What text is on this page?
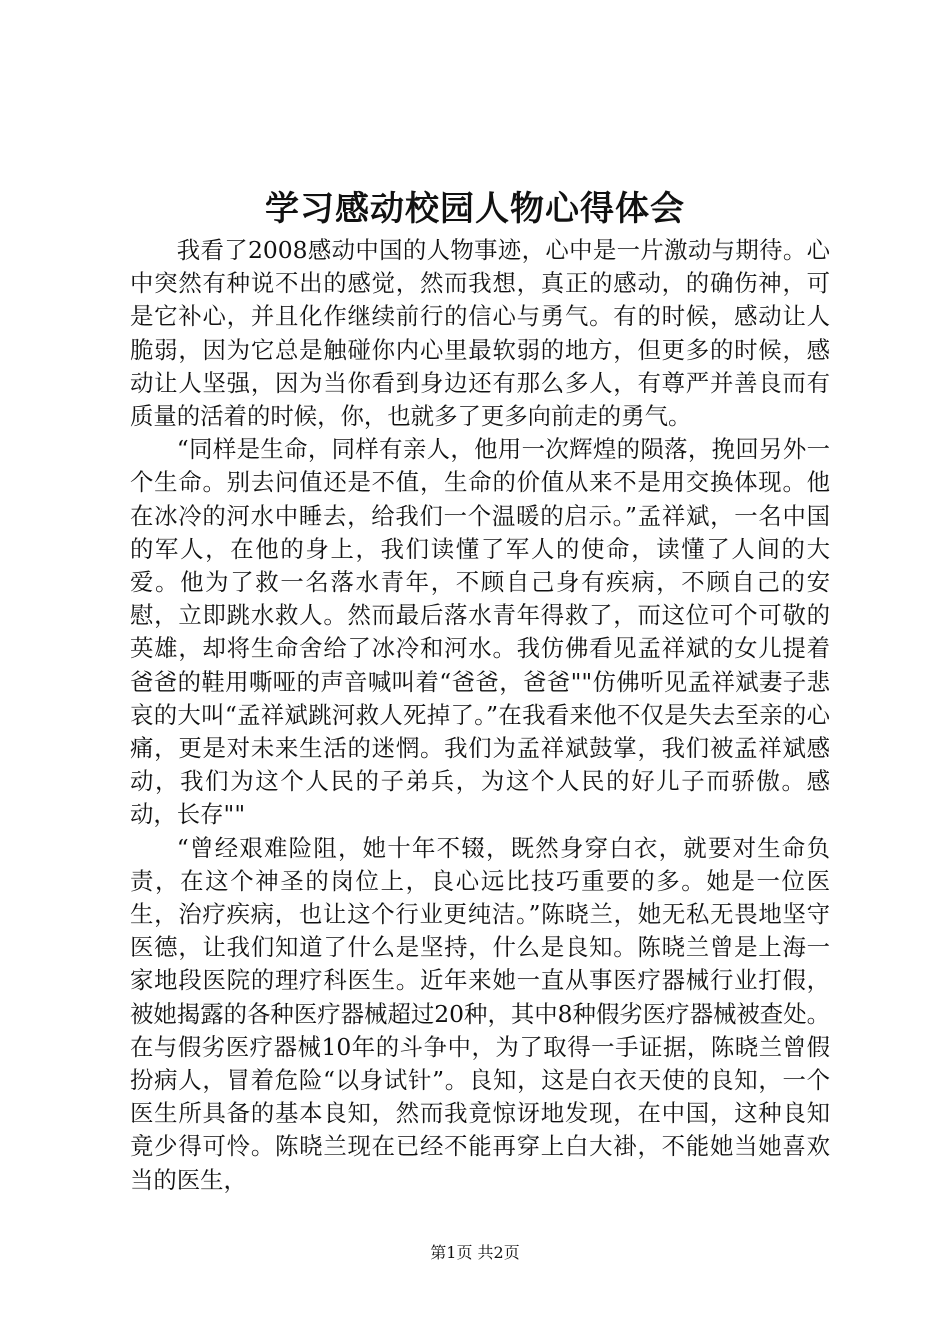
学习感动校园人物心得体会

我看了2008感动中国的人物事迹，心中是一片激动与期待。心中突然有种说不出的感觉，然而我想，真正的感动，的确伤神，可是它补心，并且化作继续前行的信心与勇气。有的时候，感动让人脆弱，因为它总是触碰你内心里最软弱的地方，但更多的时候，感动让人坚强，因为当你看到身边还有那么多人，有尊严并善良而有质量的活着的时候，你，也就多了更多向前走的勇气。

“同样是生命，同样有亲人，他用一次辉煌的陨落，挽回另外一个生命。别去问值还是不值，生命的价值从来不是用交换体现。他在冰冷的河水中睡去，给我们一个温暖的启示。”孟祥斌，一名中国的军人，在他的身上，我们读懂了军人的使命，读懂了人间的大爱。他为了救一名落水青年，不顾自己身有疾病，不顾自己的安慰，立即跳水救人。然而最后落水青年得救了，而这位可个可敬的英雄，却将生命舍给了冰冷和河水。我仿佛看见孟祥斌的女儿提着爸爸的鞋用嘶哑的声音喊叫着“爸爸，爸爸""仿佛听见孟祥斌妻子悲哀的大叫“孟祥斌跳河救人死掉了。”在我看来他不仅是失去至亲的心痛，更是对未来生活的迷惘。我们为孟祥斌鼓掌，我们被孟祥斌感动，我们为这个人民的子弟兵，为这个人民的好儿子而骄傲。感动，长存""

“曾经艰难险阻，她十年不辍，既然身穿白衣，就要对生命负责，在这个神圣的岗位上，良心远比技巧重要的多。她是一位医生，治疗疾病，也让这个行业更纯洁。”陈晓兰，她无私无畏地坚守医德，让我们知道了什么是坚持，什么是良知。陈晓兰曾是上海一家地段医院的理疗科医生。近年来她一直从事医疗器械行业打假，被她揭露的各种医疗器械超过20种，其中8种假劣医疗器械被查处。在与假劣医疗器械10年的斗争中，为了取得一手证据，陈晓兰曾假扮病人，冒着危险“以身试针”。良知，这是白衣天使的良知，一个医生所具备的基本良知，然而我竟惊讶地发现，在中国，这种良知竟少得可怜。陈晓兰现在已经不能再穿上白大褂，不能她当她喜欢当的医生，

第1页 共2页
